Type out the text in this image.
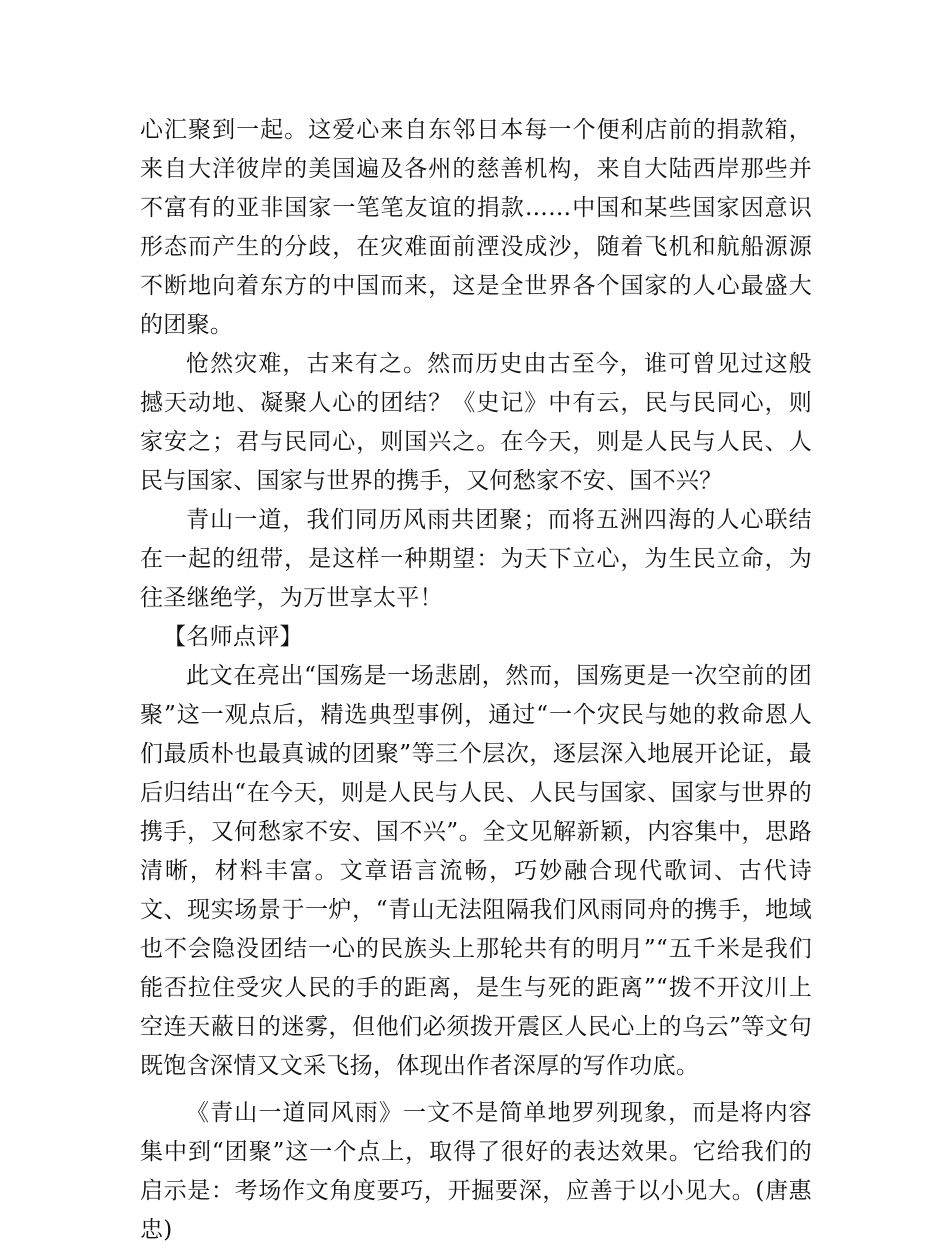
心汇聚到一起。这爱心来自东邻日本每一个便利店前的捐款箱，来自大洋彼岸的美国遍及各州的慈善机构，来自大陆西岸那些并不富有的亚非国家一笔笔友谊的捐款……中国和某些国家因意识形态而产生的分歧，在灾难面前湮没成沙，随着飞机和航船源源不断地向着东方的中国而来，这是全世界各个国家的人心最盛大的团聚。

怆然灾难，古来有之。然而历史由古至今，谁可曾见过这般撼天动地、凝聚人心的团结？《史记》中有云，民与民同心，则家安之；君与民同心，则国兴之。在今天，则是人民与人民、人民与国家、国家与世界的携手，又何愁家不安、国不兴？

青山一道，我们同历风雨共团聚；而将五洲四海的人心联结在一起的纽带，是这样一种期望：为天下立心，为生民立命，为往圣继绝学，为万世享太平！

【名师点评】

此文在亮出“国殇是一场悲剧，然而，国殇更是一次空前的团聚”这一观点后，精选典型事例，通过“一个灾民与她的救命恩人们最质朴也最真诚的团聚”等三个层次，逐层深入地展开论证，最后归结出“在今天，则是人民与人民、人民与国家、国家与世界的携手，又何愁家不安、国不兴”。全文见解新颖，内容集中，思路清晰，材料丰富。文章语言流畅，巧妙融合现代歌词、古代诗文、现实场景于一炉，“青山无法阻隔我们风雨同舟的携手，地域也不会隐没团结一心的民族头上那轮共有的明月”“五千米是我们能否拉住受灾人民的手的距离，是生与死的距离”“拨不开汶川上空连天蔽日的迷雾，但他们必须拨开震区人民心上的乌云”等文句既饱含深情又文采飞扬，体现出作者深厚的写作功底。

《青山一道同风雨》一文不是简单地罗列现象，而是将内容集中到“团聚”这一个点上，取得了很好的表达效果。它给我们的启示是：考场作文角度要巧，开掘要深，应善于以小见大。(唐惠忠)
